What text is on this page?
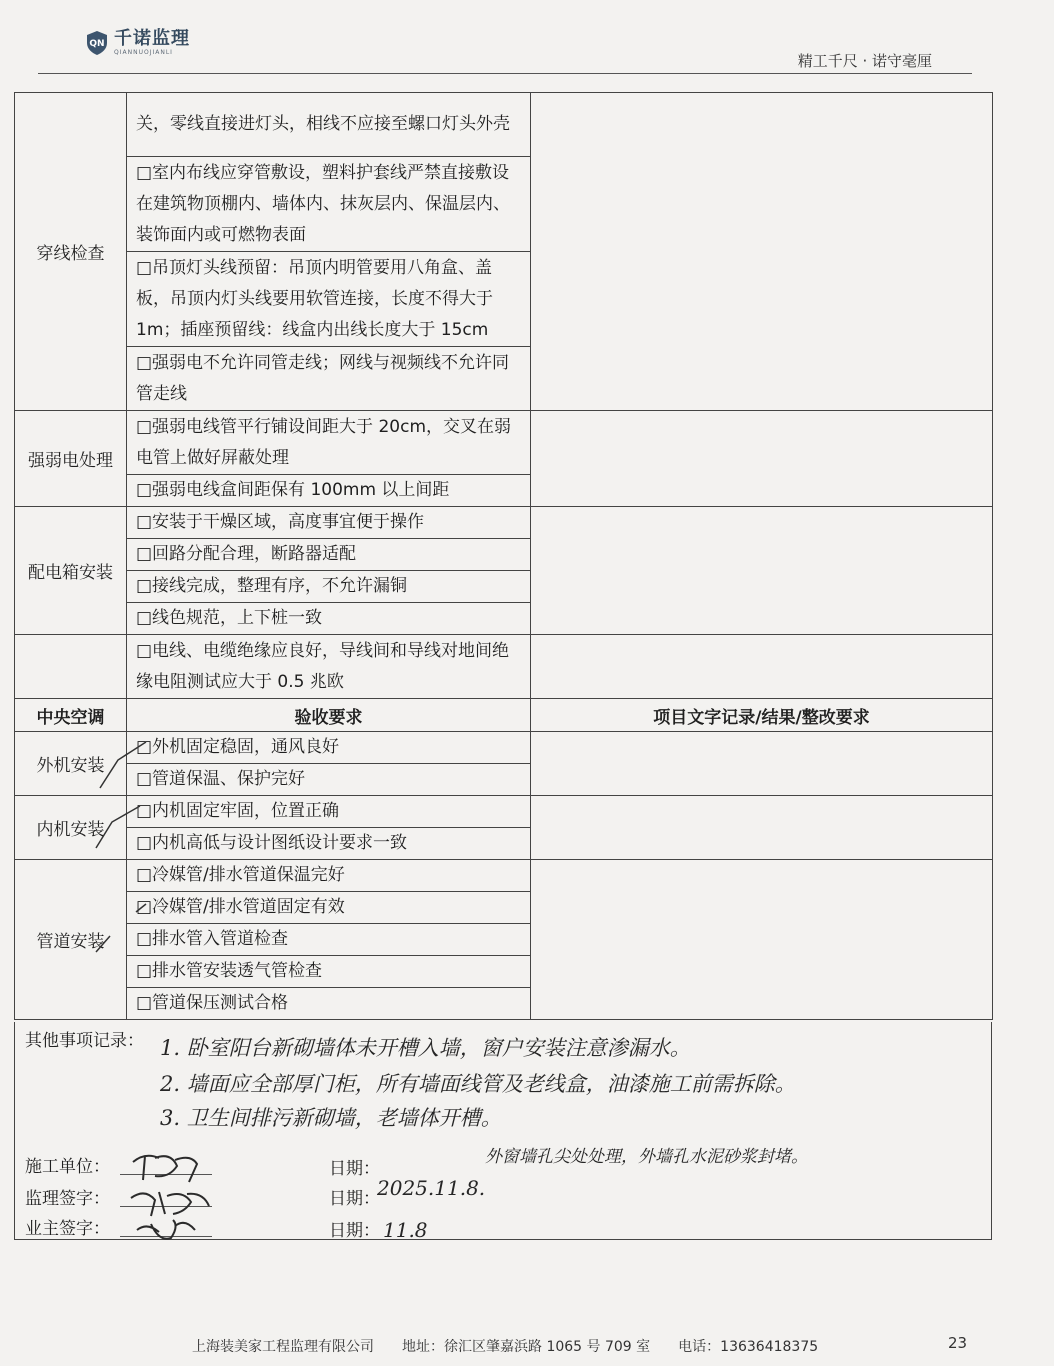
QN 千诺监理
QIANNUOJIANLI	精工千尺 · 诺守毫厘
穿线检查	关，零线直接进灯头，相线不应接至螺口灯头外壳	
	□室内布线应穿管敷设，塑料护套线严禁直接敷设在建筑物顶棚内、墙体内、抹灰层内、保温层内、装饰面内或可燃物表面	
	□吊顶灯头线预留：吊顶内明管要用八角盒、盖板，吊顶内灯头线要用软管连接，长度不得大于1m；插座预留线：线盒内出线长度大于 15cm	
	□强弱电不允许同管走线；网线与视频线不允许同管走线	
强弱电处理	□强弱电线管平行铺设间距大于 20cm，交叉在弱电管上做好屏蔽处理	
	□强弱电线盒间距保有 100mm 以上间距	
配电箱安装	□安装于干燥区域，高度事宜便于操作	
	□回路分配合理，断路器适配	
	□接线完成，整理有序，不允许漏铜	
	□线色规范，上下桩一致	
	□电线、电缆绝缘应良好，导线间和导线对地间绝缘电阻测试应大于 0.5 兆欧	
中央空调	验收要求	项目文字记录/结果/整改要求
外机安装	□外机固定稳固，通风良好	
	□管道保温、保护完好	
内机安装	□内机固定牢固，位置正确	
	□内机高低与设计图纸设计要求一致	
管道安装	□冷媒管/排水管道保温完好	
	□冷媒管/排水管道固定有效	
	□排水管入管道检查	
	□排水管安装透气管检查	
	□管道保压测试合格	
其他事项记录： 1. 卧室阳台新砌墙体未开槽入墙，窗户安装注意渗漏水。
2. 墙面应全部厚门柜，所有墙面线管及老线盒，油漆施工前需拆除。
3. 卫生间排污新砌墙，老墙体开槽。
外窗墙孔尖处处理，外墙孔水泥砂浆封堵。
施工单位：	日期：
监理签字：	日期：
2025.11.8.
业主签字：	日期： 11.8
上海装美家工程监理有限公司 地址：徐汇区肇嘉浜路 1065 号 709 室 电话：13636418375	23
